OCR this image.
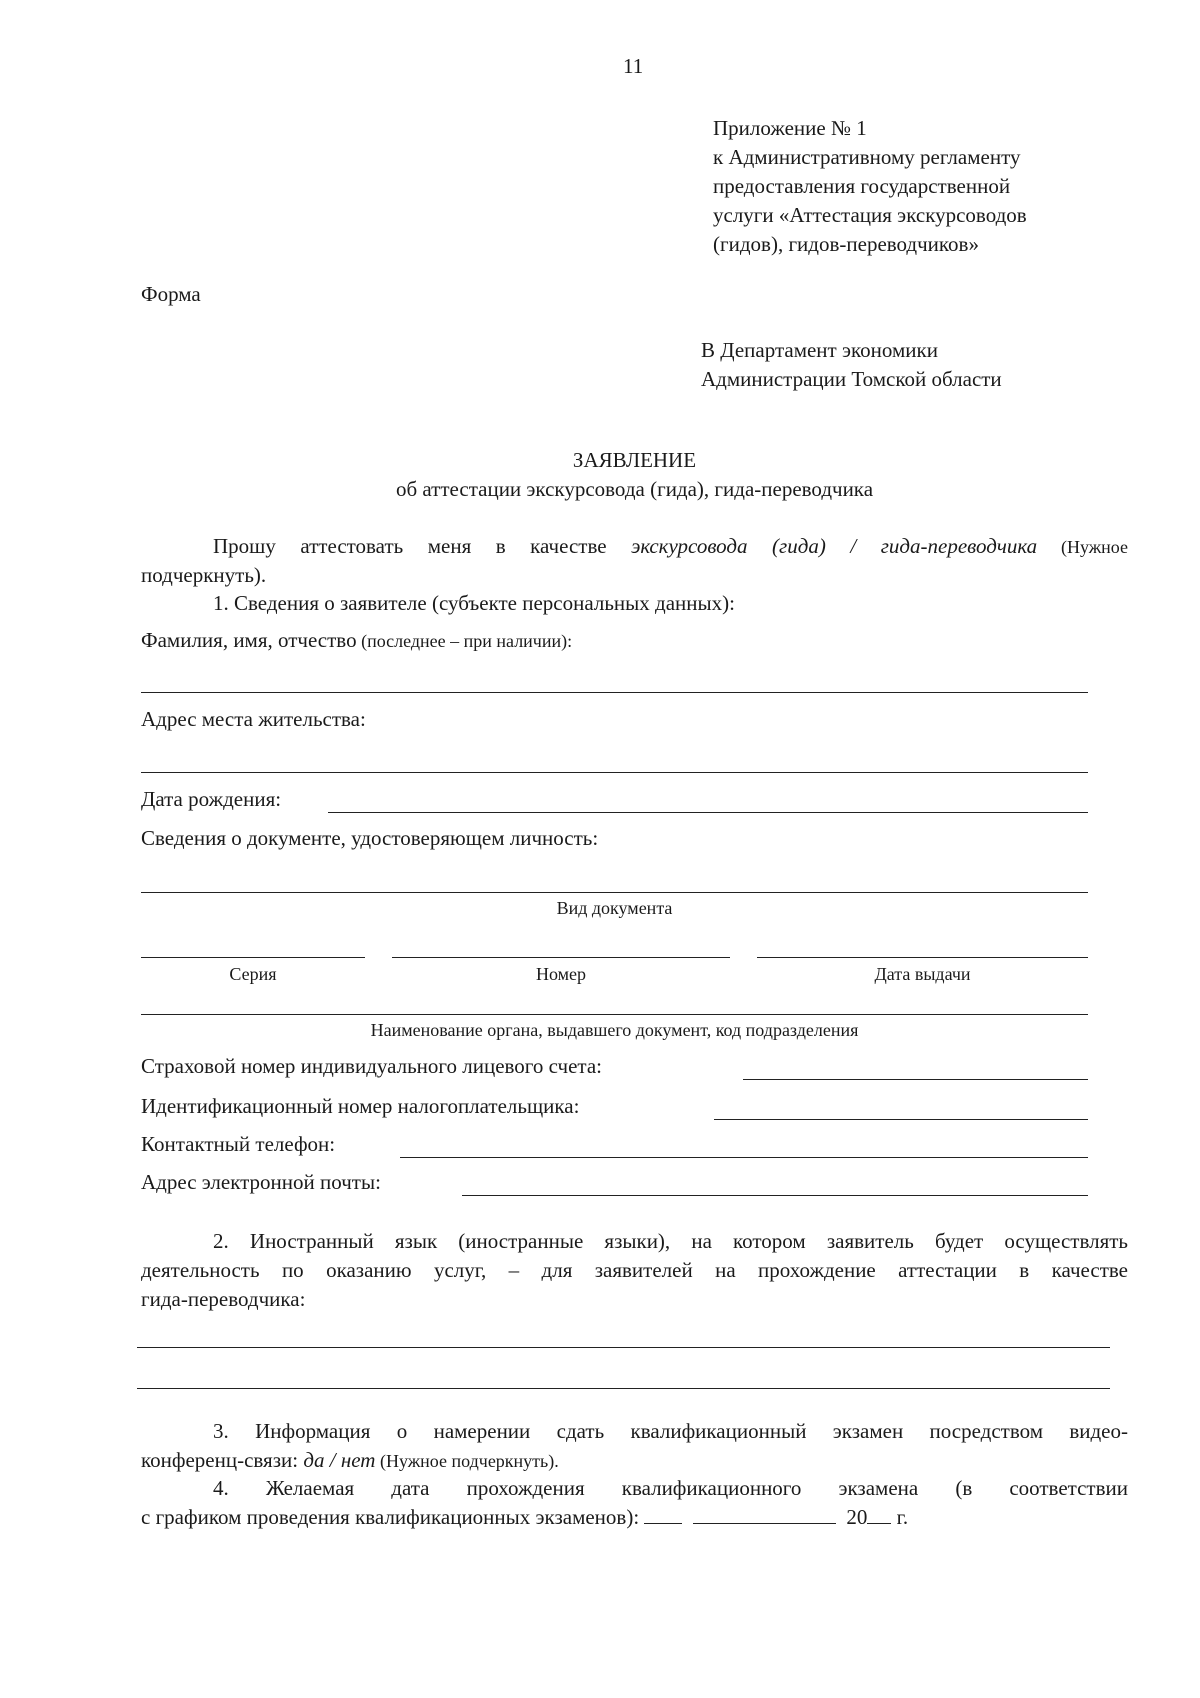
11
Приложение № 1
к Административному регламенту
предоставления государственной
услуги «Аттестация экскурсоводов
(гидов), гидов-переводчиков»
Форма
В Департамент экономики
Администрации Томской области
ЗАЯВЛЕНИЕ
об аттестации экскурсовода (гида), гида-переводчика
Прошу аттестовать меня в качестве экскурсовода (гида) / гида-переводчика (Нужное
подчеркнуть).
1. Сведения о заявителе (субъекте персональных данных):
Фамилия, имя, отчество (последнее – при наличии):
Адрес места жительства:
Дата рождения:
Сведения о документе, удостоверяющем личность:
Вид документа
Серия	Номер	Дата выдачи
Наименование органа, выдавшего документ, код подразделения
Страховой номер индивидуального лицевого счета:
Идентификационный номер налогоплательщика:
Контактный телефон:
Адрес электронной почты:
2. Иностранный язык (иностранные языки), на котором заявитель будет осуществлять
деятельность по оказанию услуг, – для заявителей на прохождение аттестации в качестве
гида-переводчика:
3. Информация о намерении сдать квалификационный экзамен посредством видео-
конференц-связи: да / нет (Нужное подчеркнуть).
4. Желаемая дата прохождения квалификационного экзамена (в соответствии
с графиком проведения квалификационных экзаменов):	20 г.
